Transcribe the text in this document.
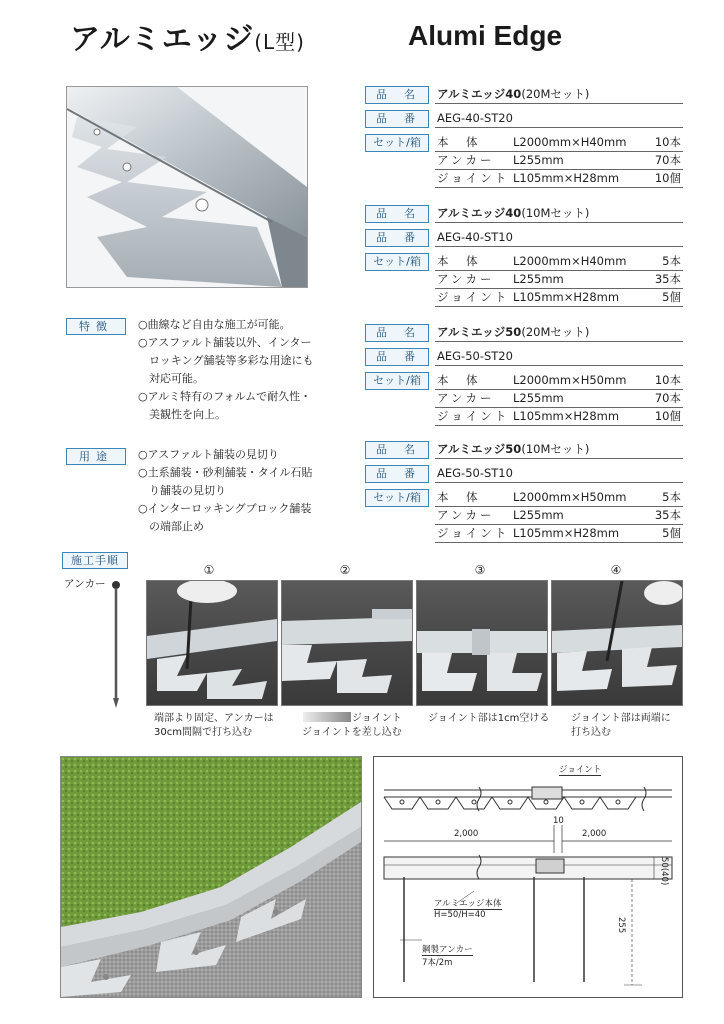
アルミエッジ(L型)	Alumi Edge
品　名	アルミエッジ40(20Mセット)
品　番	AEG-40-ST20
セット/箱	本　体	L2000mm×H40mm 10本
アンカー L255mm	70本
ジョイント L105mm×H28mm	10個
品　名	アルミエッジ40(10Mセット)
品　番	AEG-40-ST10
セット/箱	本　体	L2000mm×H40mm	5本
アンカー L255mm	35本
ジョイント L105mm×H28mm	5個
品　名	アルミエッジ50(20Mセット)
品　番	AEG-50-ST20
セット/箱	本　体	L2000mm×H50mm 10本
アンカー L255mm	70本
ジョイント L105mm×H28mm	10個
品　名	アルミエッジ50(10Mセット)
品　番	AEG-50-ST10
セット/箱	本　体	L2000mm×H50mm	5本
アンカー L255mm	35本
ジョイント L105mm×H28mm	5個
特徴	○曲線など自由な施工が可能。
○アスファルト舗装以外、インター
　ロッキング舗装等多彩な用途にも
　対応可能。
○アルミ特有のフォルムで耐久性・
　美観性を向上。
用途	○アスファルト舗装の見切り
○土系舗装・砂利舗装・タイル石貼
　り舗装の見切り
○インターロッキングブロック舗装
　の端部止め
施工手順
アンカー
①	②	③	④
端部より固定、アンカーは
30cm間隔で打ち込む
ジョイント
ジョイントを差し込む
ジョイント部は1cm空ける ジョイント部は両端に
打ち込む
ジョイント
2,000
10
2,000
50(40)
255
アルミエッジ本体
H=50/H=40
鋼製アンカー
7本/2m
